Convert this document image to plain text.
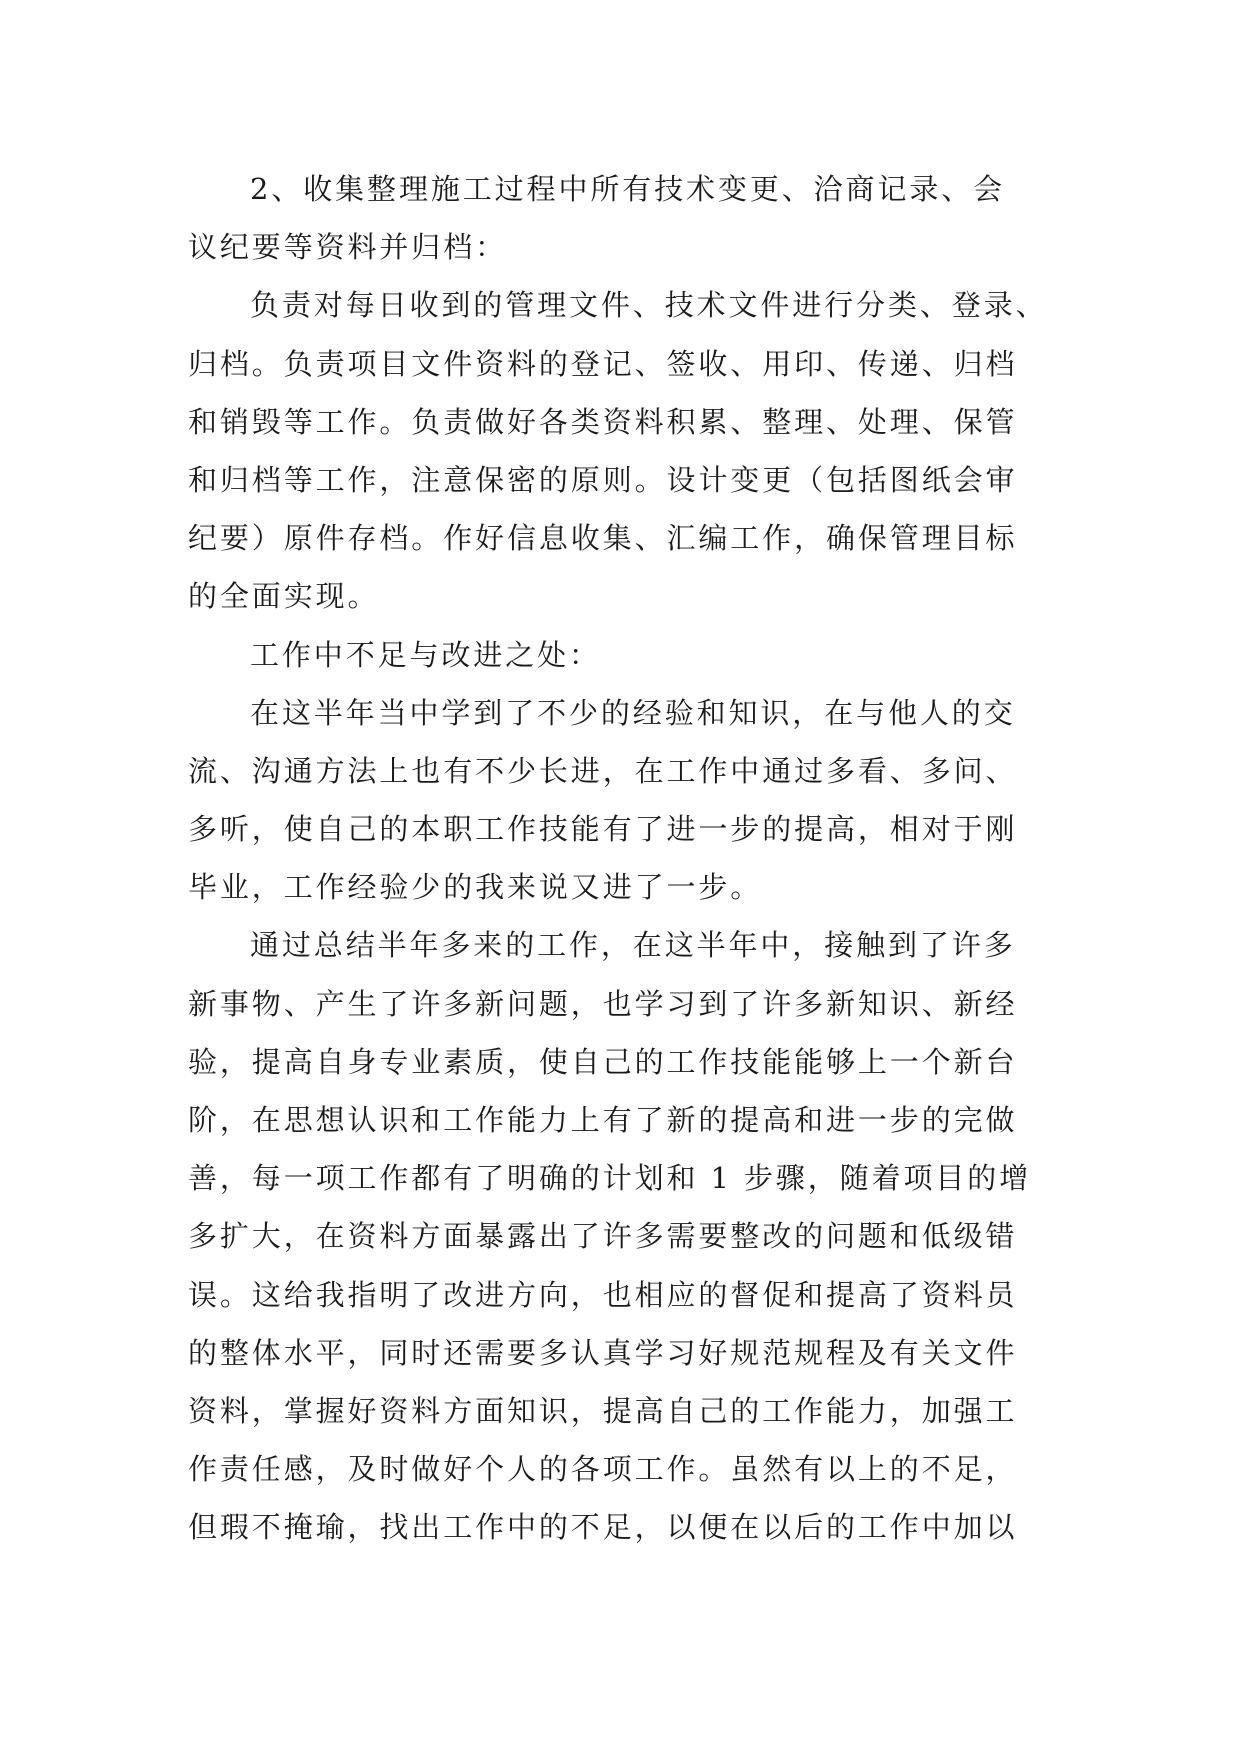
2、收集整理施工过程中所有技术变更、洽商记录、会
议纪要等资料并归档：
负责对每日收到的管理文件、技术文件进行分类、登录、
归档。负责项目文件资料的登记、签收、用印、传递、归档
和销毁等工作。负责做好各类资料积累、整理、处理、保管
和归档等工作，注意保密的原则。设计变更（包括图纸会审
纪要）原件存档。作好信息收集、汇编工作，确保管理目标
的全面实现。
工作中不足与改进之处：
在这半年当中学到了不少的经验和知识，在与他人的交
流、沟通方法上也有不少长进，在工作中通过多看、多问、
多听，使自己的本职工作技能有了进一步的提高，相对于刚
毕业，工作经验少的我来说又进了一步。
通过总结半年多来的工作，在这半年中，接触到了许多
新事物、产生了许多新问题，也学习到了许多新知识、新经
验，提高自身专业素质，使自己的工作技能能够上一个新台
阶，在思想认识和工作能力上有了新的提高和进一步的完做
善，每一项工作都有了明确的计划和 1 步骤，随着项目的增
多扩大，在资料方面暴露出了许多需要整改的问题和低级错
误。这给我指明了改进方向，也相应的督促和提高了资料员
的整体水平，同时还需要多认真学习好规范规程及有关文件
资料，掌握好资料方面知识，提高自己的工作能力，加强工
作责任感，及时做好个人的各项工作。虽然有以上的不足，
但瑕不掩瑜，找出工作中的不足，以便在以后的工作中加以
